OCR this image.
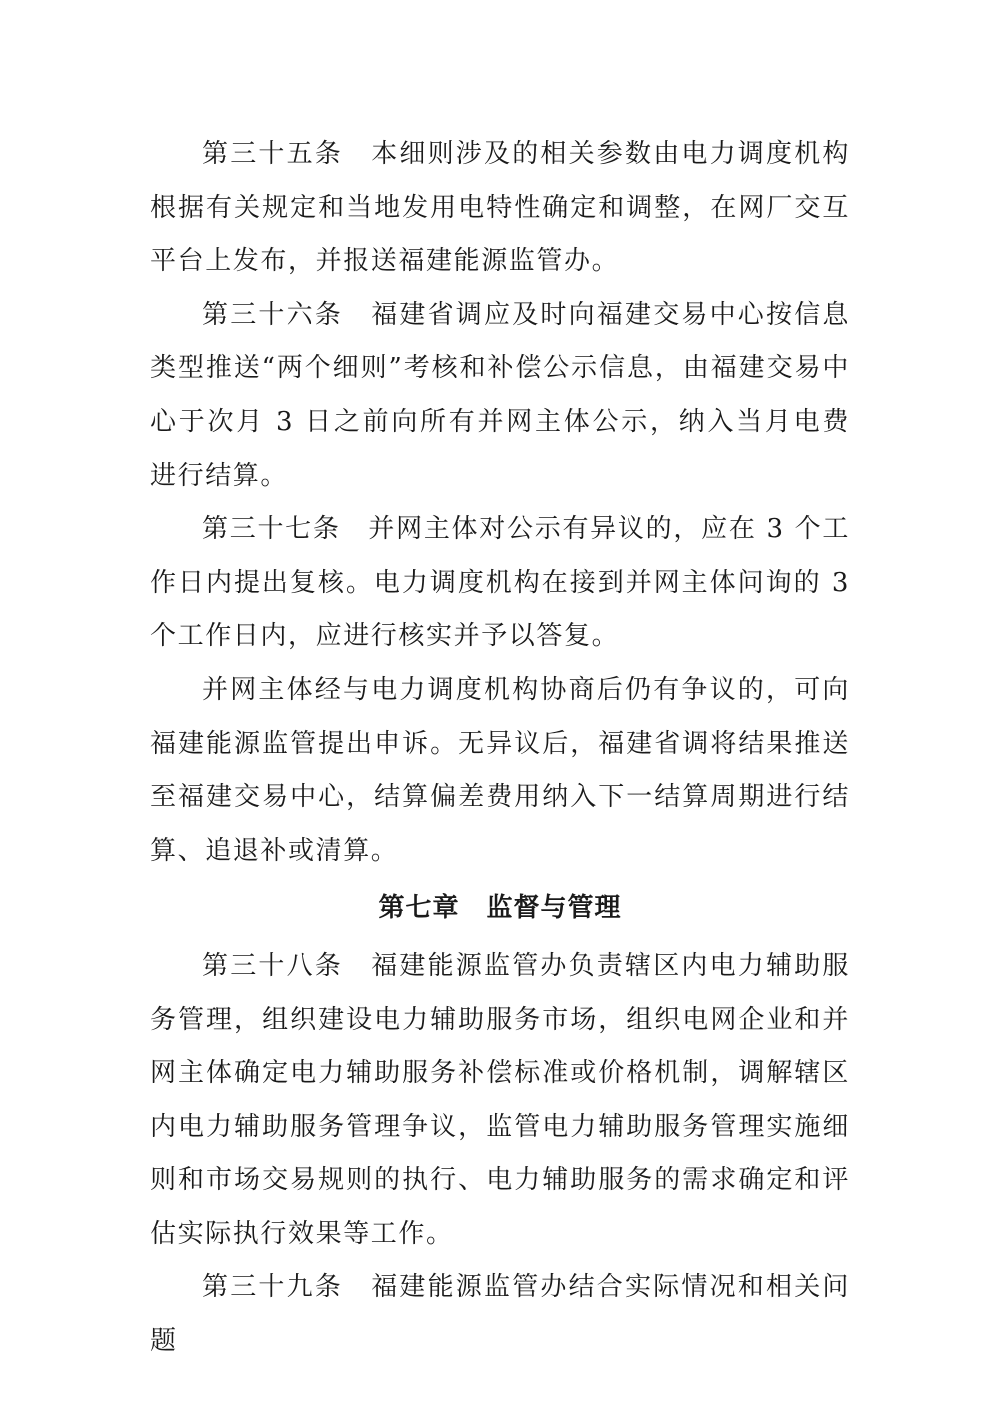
第三十五条　本细则涉及的相关参数由电力调度机构根据有关规定和当地发用电特性确定和调整，在网厂交互平台上发布，并报送福建能源监管办。

第三十六条　福建省调应及时向福建交易中心按信息类型推送“两个细则”考核和补偿公示信息，由福建交易中心于次月 3 日之前向所有并网主体公示，纳入当月电费进行结算。

第三十七条　并网主体对公示有异议的，应在 3 个工作日内提出复核。电力调度机构在接到并网主体问询的 3 个工作日内，应进行核实并予以答复。

并网主体经与电力调度机构协商后仍有争议的，可向福建能源监管提出申诉。无异议后，福建省调将结果推送至福建交易中心，结算偏差费用纳入下一结算周期进行结算、追退补或清算。

第七章　监督与管理

第三十八条　福建能源监管办负责辖区内电力辅助服务管理，组织建设电力辅助服务市场，组织电网企业和并网主体确定电力辅助服务补偿标准或价格机制，调解辖区内电力辅助服务管理争议，监管电力辅助服务管理实施细则和市场交易规则的执行、电力辅助服务的需求确定和评估实际执行效果等工作。

第三十九条　福建能源监管办结合实际情况和相关问题
